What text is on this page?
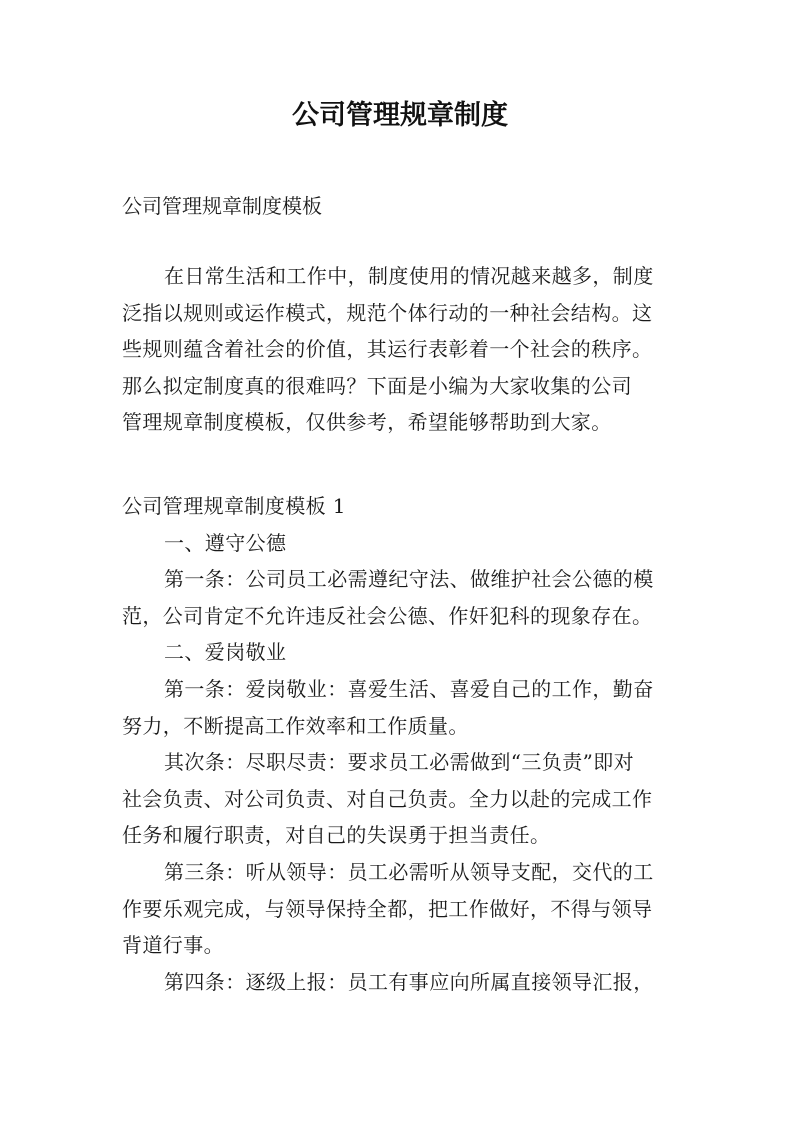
公司管理规章制度

公司管理规章制度模板

在日常生活和工作中，制度使用的情况越来越多，制度
泛指以规则或运作模式，规范个体行动的一种社会结构。这
些规则蕴含着社会的价值，其运行表彰着一个社会的秩序。
那么拟定制度真的很难吗？下面是小编为大家收集的公司
管理规章制度模板，仅供参考，希望能够帮助到大家。
公司管理规章制度模板 1
一、遵守公德
第一条：公司员工必需遵纪守法、做维护社会公德的模
范，公司肯定不允许违反社会公德、作奸犯科的现象存在。
二、爱岗敬业
第一条：爱岗敬业：喜爱生活、喜爱自己的工作，勤奋
努力，不断提高工作效率和工作质量。
其次条：尽职尽责：要求员工必需做到“三负责”即对
社会负责、对公司负责、对自己负责。全力以赴的完成工作
任务和履行职责，对自己的失误勇于担当责任。
第三条：听从领导：员工必需听从领导支配，交代的工
作要乐观完成，与领导保持全都，把工作做好，不得与领导
背道行事。
第四条：逐级上报：员工有事应向所属直接领导汇报，
